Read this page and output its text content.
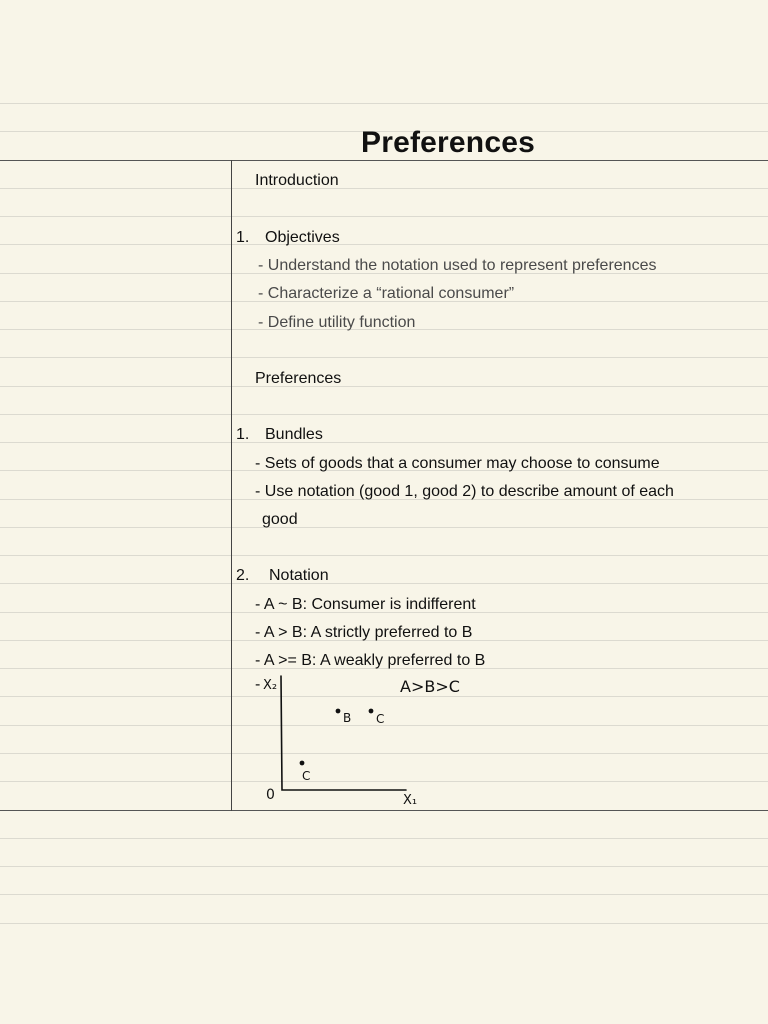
Preferences
Introduction
1. Objectives
- Understand the notation used to represent preferences
- Characterize a “rational consumer”
- Define utility function
Preferences
1. Bundles
- Sets of goods that a consumer may choose to consume
- Use notation (good 1, good 2) to describe amount of each
good
2. Notation
- A ~ B: Consumer is indifferent
- A > B: A strictly preferred to B
- A >= B: A weakly preferred to B
- X₂
X₁
0
A>B>C
B C
C
